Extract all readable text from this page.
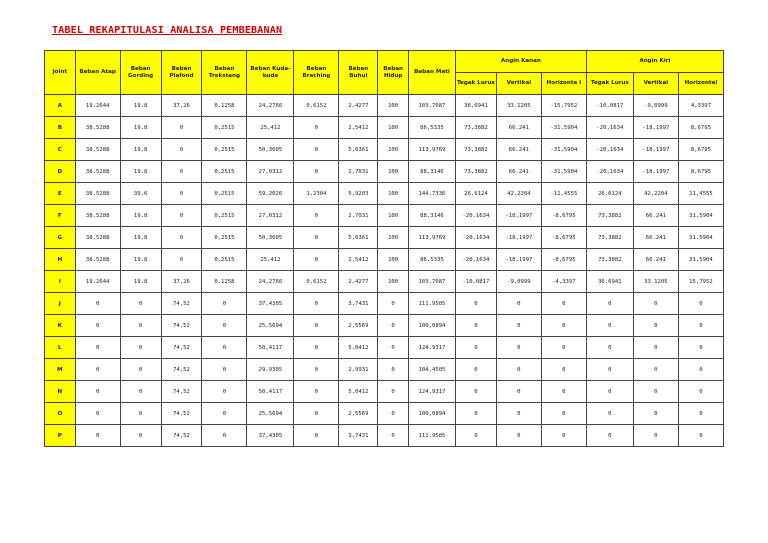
TABEL REKAPITULASI ANALISA PEMBEBANAN
Joint	Beban Atap	Beban Gording	Beban Plafond	Beban Trekstang	Beban Kuda-kuda	Beban Braching	Beban Buhul	Beban Hidup	Beban Mati	Angin Kanan			Angin Kiri		
										Tegak Lurus	Vertikal	Horizonta l	Tegak Lurus	Vertikal	Horizontal
A	19,2644	19,8	37,26	0,1258	24,2766	0,6152	2,4277	200	103,7687	36,6941	33.1205	-15,7952	-10,0817	-9,0999	4,3397
B	38,5288	19,8	0	0,2515	25,412	0	2,5412	100	86,5335	73,3882	66.241	-31,5904	-20,1634	-18,1997	8,6795
C	38,5288	19,8	0	0,2515	50,3605	0	5,0361	100	113,9769	73,3882	66.241	-31,5904	-20,1634	-18,1997	8,6795
D	38,5288	19,8	0	0,2515	27,0312	0	2,7031	100	88,3146	73,3882	66.241	-31,5904	-20,1634	-18,1997	8,6795
E	38,5288	39,6	0	0,2515	59,2026	1,2304	5,9203	100	144,7336	26,6124	42,2204	-11,4555	26,6124	42,2204	11,4555
F	38,5288	19,8	0	0,2515	27,0312	0	2,7031	100	88,3146	-20,1634	-18,1997	-8,6795	73,3882	66.241	31,5904
G	38,5288	19,8	0	0,2515	50,3605	0	5,0361	100	113,9769	-20,1634	-18,1997	-8,6795	73,3882	66.241	31,5904
H	38,5288	19,8	0	0,2515	25,412	0	2,5412	100	86,5335	-20,1634	-18,1997	-8,6795	73,3882	66.241	31,5904
I	19,2644	19,8	37,26	0,1258	24,2766	0,6152	2,4277	200	103,7687	-10,0817	-9,0999	-4,3397	36,6941	33.1205	15,7952
J	0	0	74,52	0	37,4305	0	3,7431	0	111,9505	0	0	0	0	0	0
K	0	0	74,52	0	25,5694	0	2,5569	0	100,0894	0	0	0	0	0	0
L	0	0	74,52	0	50,4117	0	5,0412	0	124,9317	0	0	0	0	0	0
M	0	0	74,52	0	29,9305	0	2,9931	0	104,4505	0	0	0	0	0	0
N	0	0	74,52	0	50,4117	0	5,0412	0	124,9317	0	0	0	0	0	0
O	0	0	74,52	0	25,5694	0	2,5569	0	100,0894	0	0	0	0	0	0
P	0	0	74,52	0	37,4305	0	3,7431	0	111,9505	0	0	0	0	0	0
